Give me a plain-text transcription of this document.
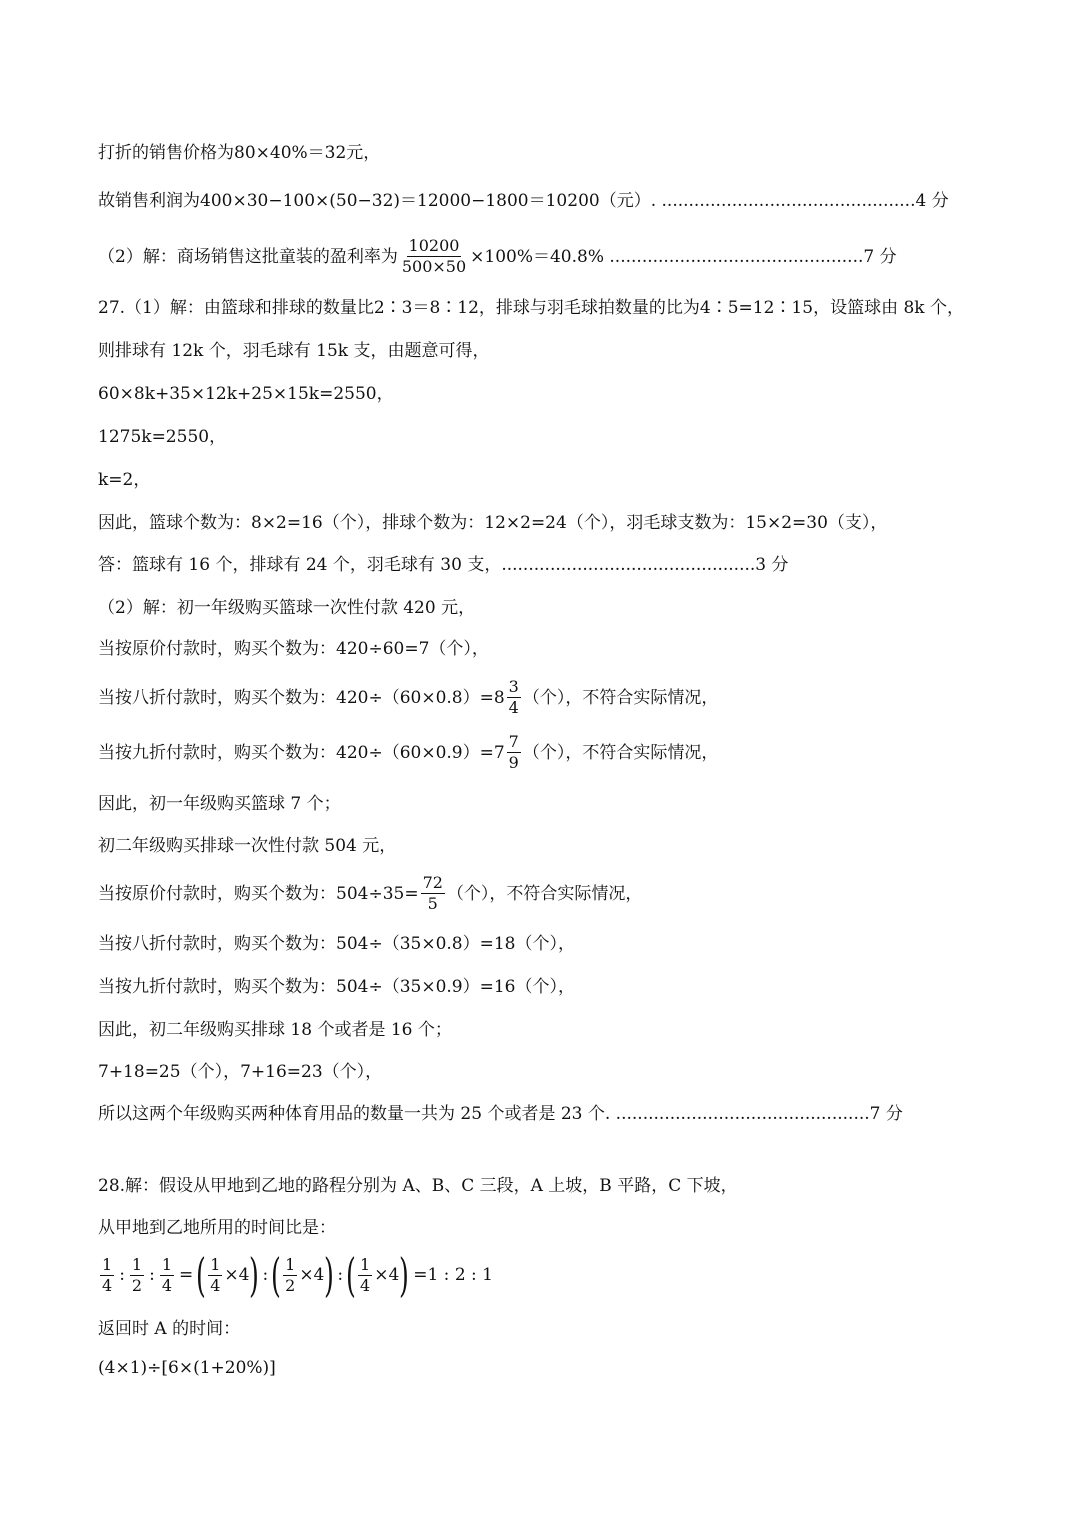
打折的销售价格为80×40%＝32元，
故销售利润为400×30−100×(50−32)＝12000−1800＝10200（元）. ...............................................4 分
（2）解：商场销售这批童装的盈利率为 $\frac{10200}{500\times 50} \times 100\%=40.8\%$ ...............................................7 分
27.（1）解：由篮球和排球的数量比2∶3＝8∶12，排球与羽毛球拍数量的比为4∶5=12∶15，设篮球由 8k 个，
则排球有 12k 个，羽毛球有 15k 支，由题意可得，
60×8k+35×12k+25×15k=2550，
1275k=2550，
k=2，
因此，篮球个数为：8×2=16（个），排球个数为：12×2=24（个），羽毛球支数为：15×2=30（支），
答：篮球有 16 个，排球有 24 个，羽毛球有 30 支，...............................................3 分
（2）解：初一年级购买篮球一次性付款 420 元，
当按原价付款时，购买个数为：420÷60=7（个），
当按八折付款时，购买个数为：$420\div(60\times 0.8)=8 \frac{3}{4}$ （个），不符合实际情况，
当按九折付款时，购买个数为：$420\div(60\times 0.9)=7 \frac{7}{9}$ （个），不符合实际情况，
因此，初一年级购买篮球 7 个；
初二年级购买排球一次性付款 504 元，
当按原价付款时，购买个数为：$504\div 35= \frac{72}{5}$ （个），不符合实际情况，
当按八折付款时，购买个数为：504÷（35×0.8）=18（个），
当按九折付款时，购买个数为：504÷（35×0.9）=16（个），
因此，初二年级购买排球 18 个或者是 16 个；
7+18=25（个），7+16=23（个），
所以这两个年级购买两种体育用品的数量一共为 25 个或者是 23 个. ...............................................7 分
28.解：假设从甲地到乙地的路程分别为 A、B、C 三段，A 上坡，B 平路，C 下坡，
从甲地到乙地所用的时间比是：
$\frac{1}{4}$ : $\frac{1}{2}$ : $\frac{1}{4}$ = ( $\frac{1}{4} \times 4$ ) : ( $\frac{1}{2} \times 4$ ) : ( $\frac{1}{4} \times 4$ ) =1 : 2 : 1
返回时 A 的时间：
(4×1)÷[6×(1+20%)]
